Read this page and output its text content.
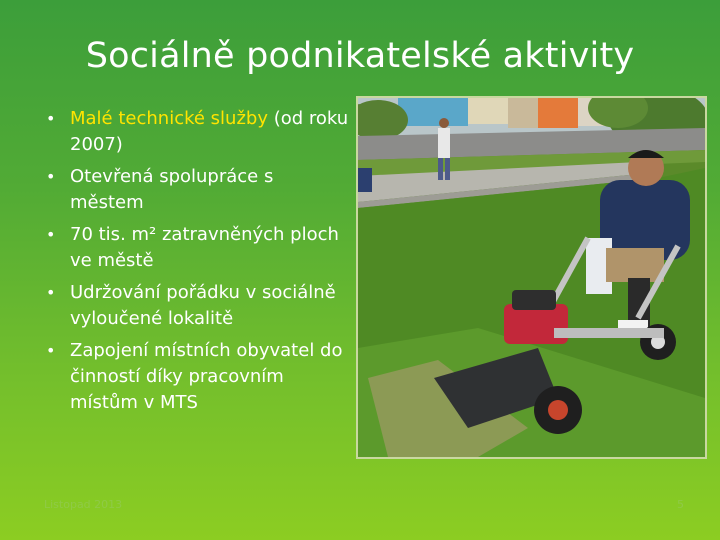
Sociálně podnikatelské aktivity
• Malé technické služby (od roku 2007)
• Otevřená spolupráce s městem
• 70 tis. m² zatravněných ploch ve městě
• Udržování pořádku v sociálně vyloučené lokalitě
• Zapojení místních obyvatel do činností díky pracovním místům v MTS
Listopad 2013	5
